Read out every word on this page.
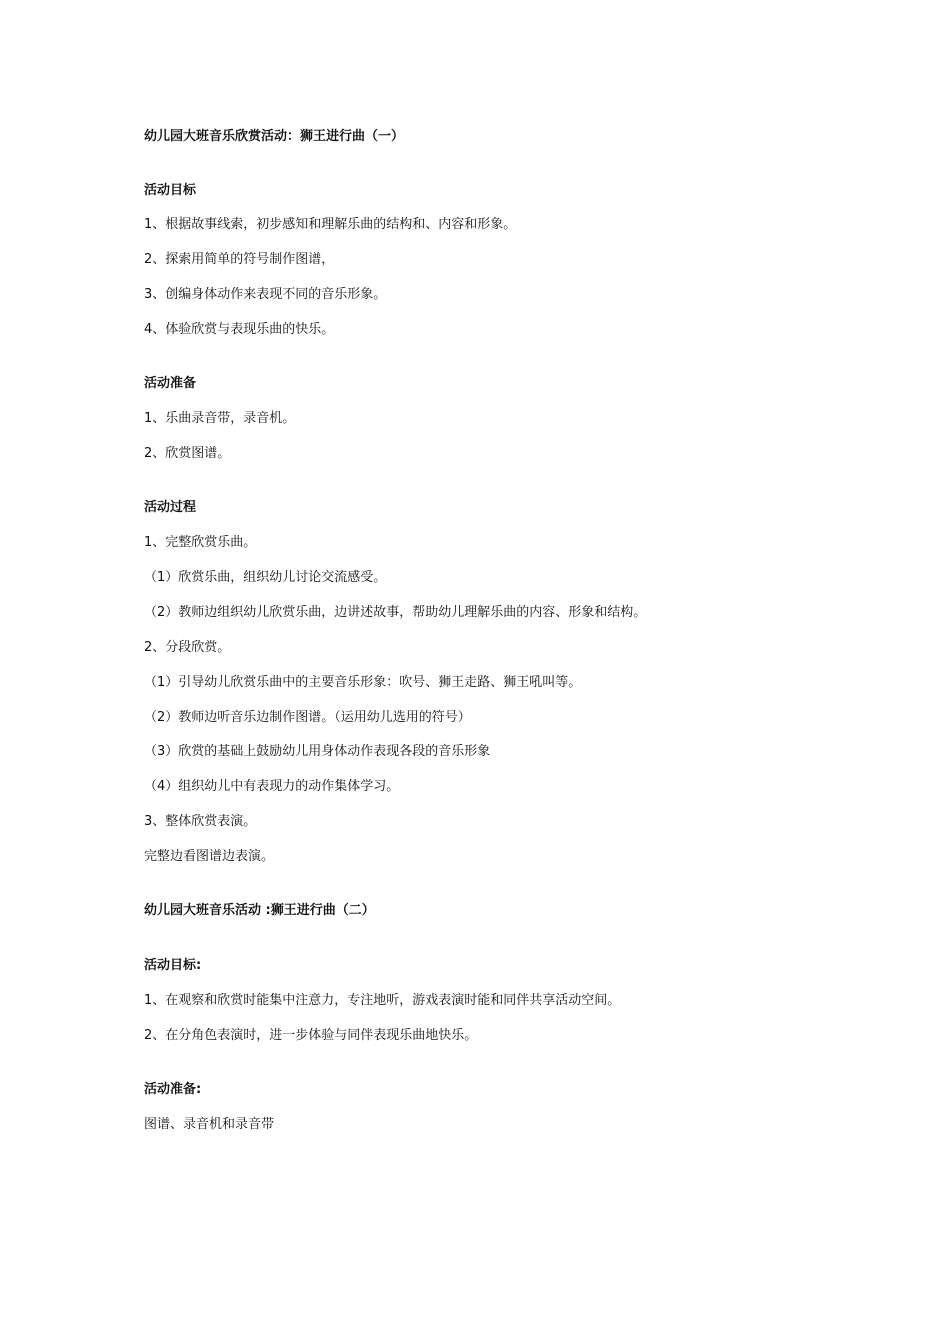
幼儿园大班音乐欣赏活动：狮王进行曲（一）
活动目标
1、根据故事线索，初步感知和理解乐曲的结构和、内容和形象。
2、探索用简单的符号制作图谱，
3、创编身体动作来表现不同的音乐形象。
4、体验欣赏与表现乐曲的快乐。
活动准备
1、乐曲录音带，录音机。
2、欣赏图谱。
活动过程
1、完整欣赏乐曲。
（1）欣赏乐曲，组织幼儿讨论交流感受。
（2）教师边组织幼儿欣赏乐曲，边讲述故事，帮助幼儿理解乐曲的内容、形象和结构。
2、分段欣赏。
（1）引导幼儿欣赏乐曲中的主要音乐形象：吹号、狮王走路、狮王吼叫等。
（2）教师边听音乐边制作图谱。（运用幼儿选用的符号）
（3）欣赏的基础上鼓励幼儿用身体动作表现各段的音乐形象
（4）组织幼儿中有表现力的动作集体学习。
3、整体欣赏表演。
完整边看图谱边表演。
幼儿园大班音乐活动 :狮王进行曲（二）
活动目标:
1、在观察和欣赏时能集中注意力，专注地听，游戏表演时能和同伴共享活动空间。
2、在分角色表演时，进一步体验与同伴表现乐曲地快乐。
活动准备:
图谱、录音机和录音带
